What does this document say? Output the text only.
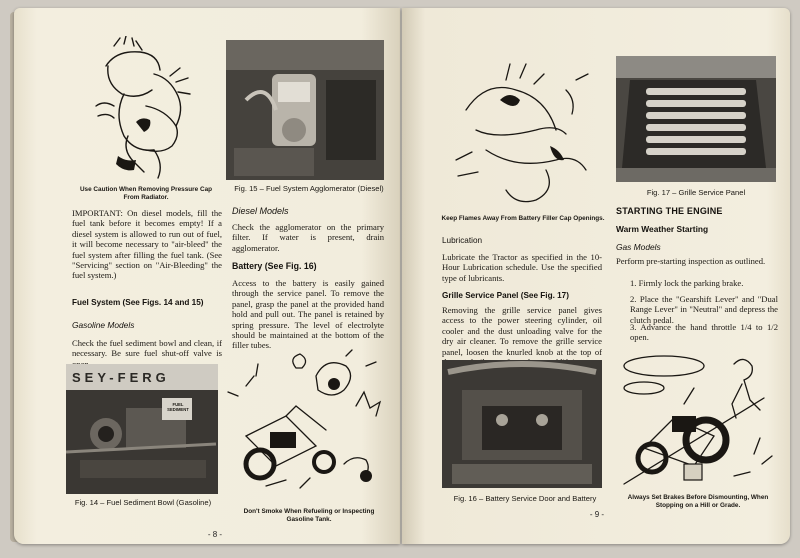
Use Caution When Removing Pressure Cap From Radiator.
IMPORTANT: On diesel models, fill the fuel tank before it becomes empty! If a diesel system is allowed to run out of fuel, it will become necessary to "air-bleed" the fuel system after filling the fuel tank. (See "Servicing" section on "Air-Bleeding" the fuel system.)
Fuel System (See Figs. 14 and 15)
Gasoline Models
Check the fuel sediment bowl and clean, if necessary. Be sure fuel shut-off valve is
SEY-FERG
FUEL SEDIMENT
Fig. 14 – Fuel Sediment Bowl (Gasoline)
Fig. 15 – Fuel System Agglomerator (Diesel)
Diesel Models
Check the agglomerator on the primary filter. If water is present, drain agglomerator.
Battery (See Fig. 16)
Access to the battery is easily gained through the service panel. To remove the panel, grasp the panel at the provided hand hold and pull out. The panel is retained by spring pressure. The level of electrolyte should be maintained at the bottom of the filler tubes.
Don't Smoke When Refueling or Inspecting Gasoline Tank.
- 8 -
Keep Flames Away From Battery Filler Cap Openings.
Lubrication
Lubricate the Tractor as specified in the 10-Hour Lubrication schedule. Use the specified type of lubricants.
Grille Service Panel (See Fig. 17)
Removing the grille service panel gives access to the power steering cylinder, oil cooler and the dust unloading valve for the dry air cleaner. To remove the grille service panel, loosen the knurled knob at the top of
Fig. 16 – Battery Service Door and Battery
Fig. 17 – Grille Service Panel
STARTING THE ENGINE
Warm Weather Starting
Gas Models
Perform pre-starting inspection as outlined.
1. Firmly lock the parking brake.
2. Place the "Gearshift Lever" and "Dual Range Lever" in "Neutral" and depress the clutch pedal.
3. Advance the hand throttle 1/4 to 1/2 open.
Always Set Brakes Before Dismounting, When Stopping on a Hill or Grade.
- 9 -
